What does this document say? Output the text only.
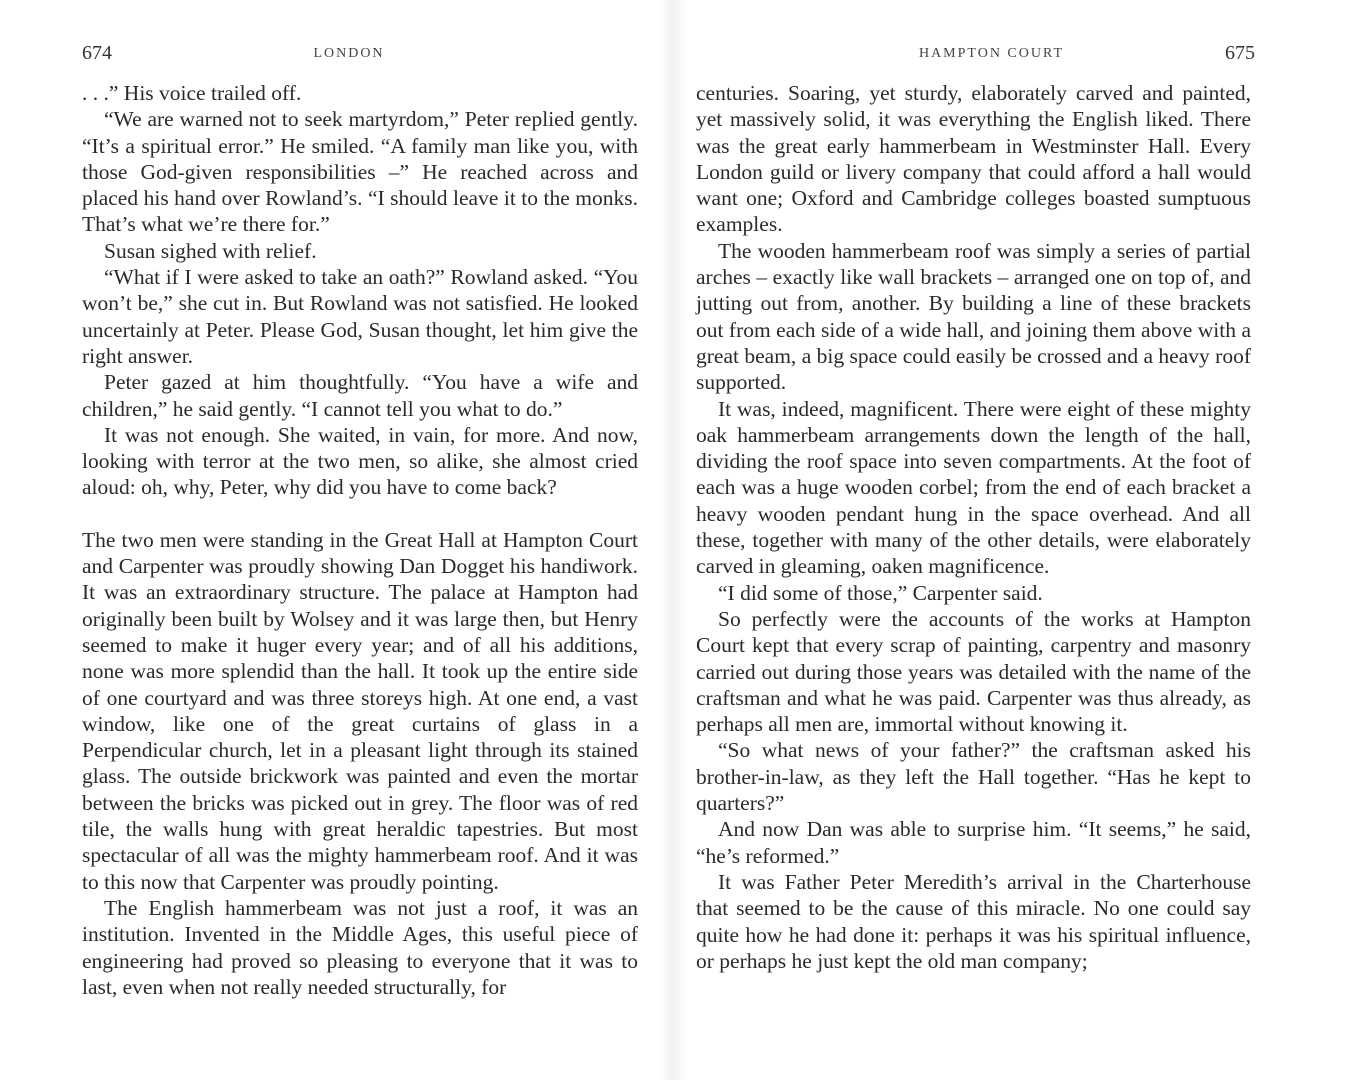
674	LONDON

. . .” His voice trailed off.

“We are warned not to seek martyrdom,” Peter replied gently. “It’s a spiritual error.” He smiled. “A family man like you, with those God-given responsibilities –” He reached across and placed his hand over Rowland’s. “I should leave it to the monks. That’s what we’re there for.”

Susan sighed with relief.

“What if I were asked to take an oath?” Rowland asked. “You won’t be,” she cut in. But Rowland was not satisfied. He looked uncertainly at Peter. Please God, Susan thought, let him give the right answer.

Peter gazed at him thoughtfully. “You have a wife and children,” he said gently. “I cannot tell you what to do.”

It was not enough. She waited, in vain, for more. And now, looking with terror at the two men, so alike, she almost cried aloud: oh, why, Peter, why did you have to come back?

The two men were standing in the Great Hall at Hampton Court and Carpenter was proudly showing Dan Dogget his handiwork. It was an extraordinary structure. The palace at Hampton had originally been built by Wolsey and it was large then, but Henry seemed to make it huger every year; and of all his additions, none was more splendid than the hall. It took up the entire side of one courtyard and was three storeys high. At one end, a vast window, like one of the great curtains of glass in a Perpendicular church, let in a pleasant light through its stained glass. The outside brickwork was painted and even the mortar between the bricks was picked out in grey. The floor was of red tile, the walls hung with great heraldic tapestries. But most spectacular of all was the mighty hammerbeam roof. And it was to this now that Carpenter was proudly pointing.

The English hammerbeam was not just a roof, it was an institution. Invented in the Middle Ages, this useful piece of engineering had proved so pleasing to everyone that it was to last, even when not really needed structurally, for

HAMPTON COURT	675

centuries. Soaring, yet sturdy, elaborately carved and painted, yet massively solid, it was everything the English liked. There was the great early hammerbeam in Westminster Hall. Every London guild or livery company that could afford a hall would want one; Oxford and Cambridge colleges boasted sumptuous examples.

The wooden hammerbeam roof was simply a series of partial arches – exactly like wall brackets – arranged one on top of, and jutting out from, another. By building a line of these brackets out from each side of a wide hall, and joining them above with a great beam, a big space could easily be crossed and a heavy roof supported.

It was, indeed, magnificent. There were eight of these mighty oak hammerbeam arrangements down the length of the hall, dividing the roof space into seven compartments. At the foot of each was a huge wooden corbel; from the end of each bracket a heavy wooden pendant hung in the space overhead. And all these, together with many of the other details, were elaborately carved in gleaming, oaken magnificence.

“I did some of those,” Carpenter said.

So perfectly were the accounts of the works at Hampton Court kept that every scrap of painting, carpentry and masonry carried out during those years was detailed with the name of the craftsman and what he was paid. Carpenter was thus already, as perhaps all men are, immortal without knowing it.

“So what news of your father?” the craftsman asked his brother-in-law, as they left the Hall together. “Has he kept to quarters?”

And now Dan was able to surprise him. “It seems,” he said, “he’s reformed.”

It was Father Peter Meredith’s arrival in the Charterhouse that seemed to be the cause of this miracle. No one could say quite how he had done it: perhaps it was his spiritual influence, or perhaps he just kept the old man company;
